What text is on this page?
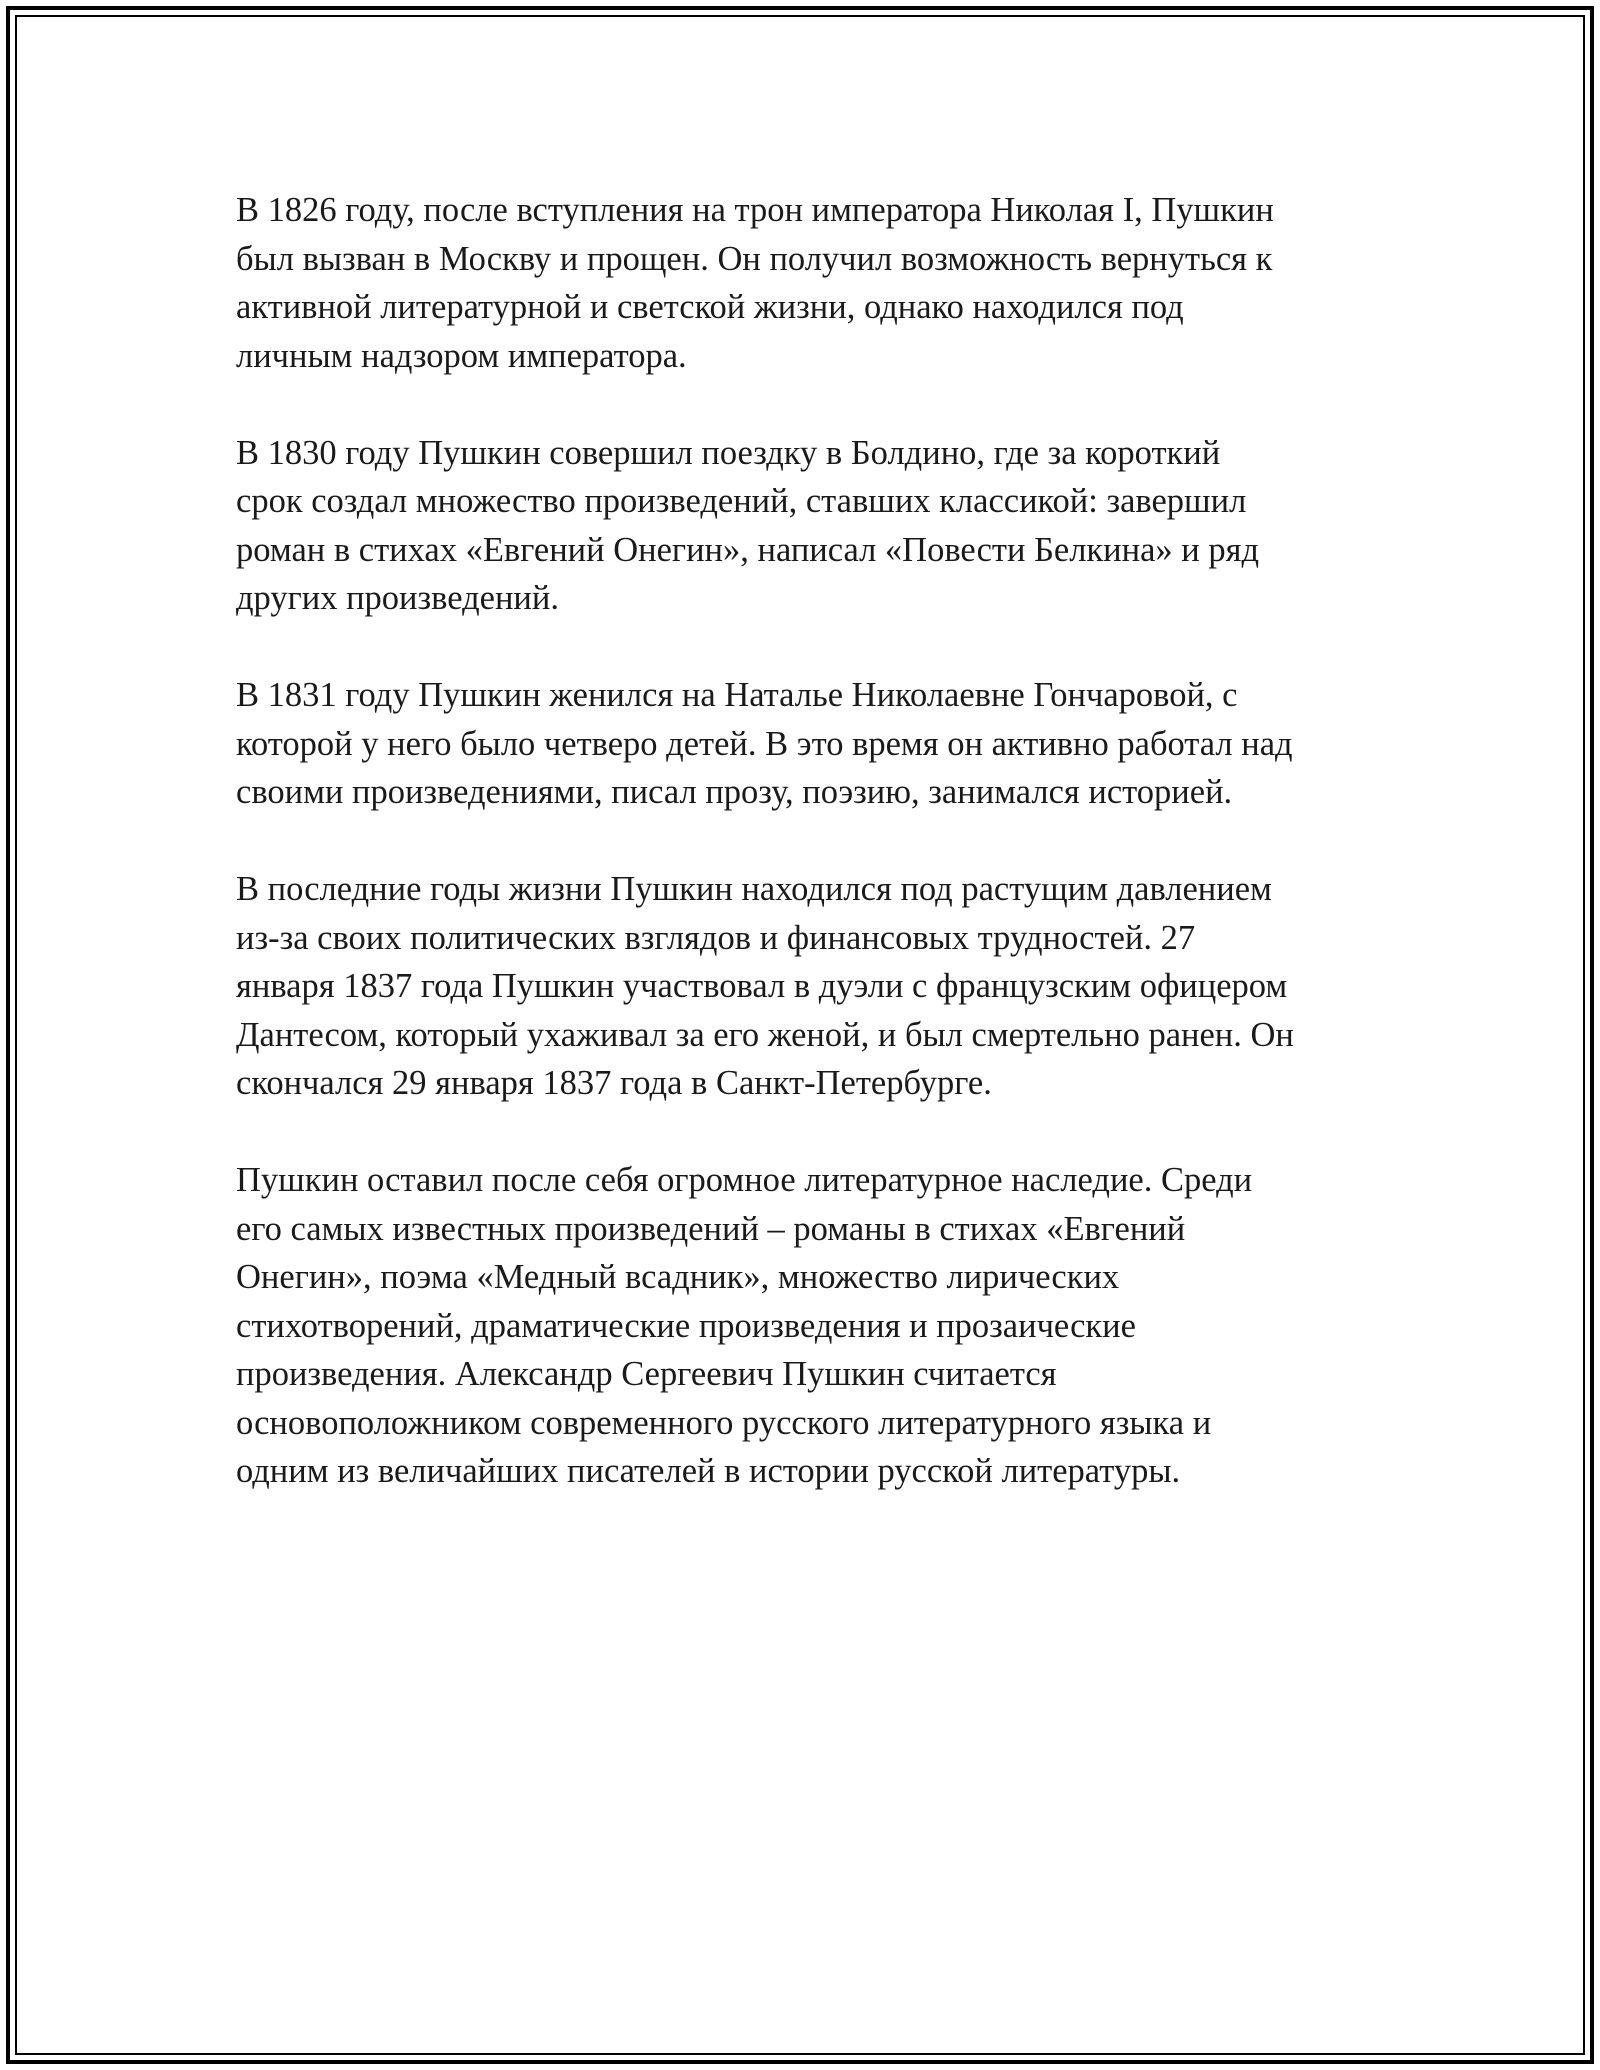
В 1826 году, после вступления на трон императора Николая I, Пушкин
был вызван в Москву и прощен. Он получил возможность вернуться к
активной литературной и светской жизни, однако находился под
личным надзором императора.

В 1830 году Пушкин совершил поездку в Болдино, где за короткий
срок создал множество произведений, ставших классикой: завершил
роман в стихах «Евгений Онегин», написал «Повести Белкина» и ряд
других произведений.

В 1831 году Пушкин женился на Наталье Николаевне Гончаровой, с
которой у него было четверо детей. В это время он активно работал над
своими произведениями, писал прозу, поэзию, занимался историей.

В последние годы жизни Пушкин находился под растущим давлением
из-за своих политических взглядов и финансовых трудностей. 27
января 1837 года Пушкин участвовал в дуэли с французским офицером
Дантесом, который ухаживал за его женой, и был смертельно ранен. Он
скончался 29 января 1837 года в Санкт-Петербурге.

Пушкин оставил после себя огромное литературное наследие. Среди
его самых известных произведений – романы в стихах «Евгений
Онегин», поэма «Медный всадник», множество лирических
стихотворений, драматические произведения и прозаические
произведения. Александр Сергеевич Пушкин считается
основоположником современного русского литературного языка и
одним из величайших писателей в истории русской литературы.
